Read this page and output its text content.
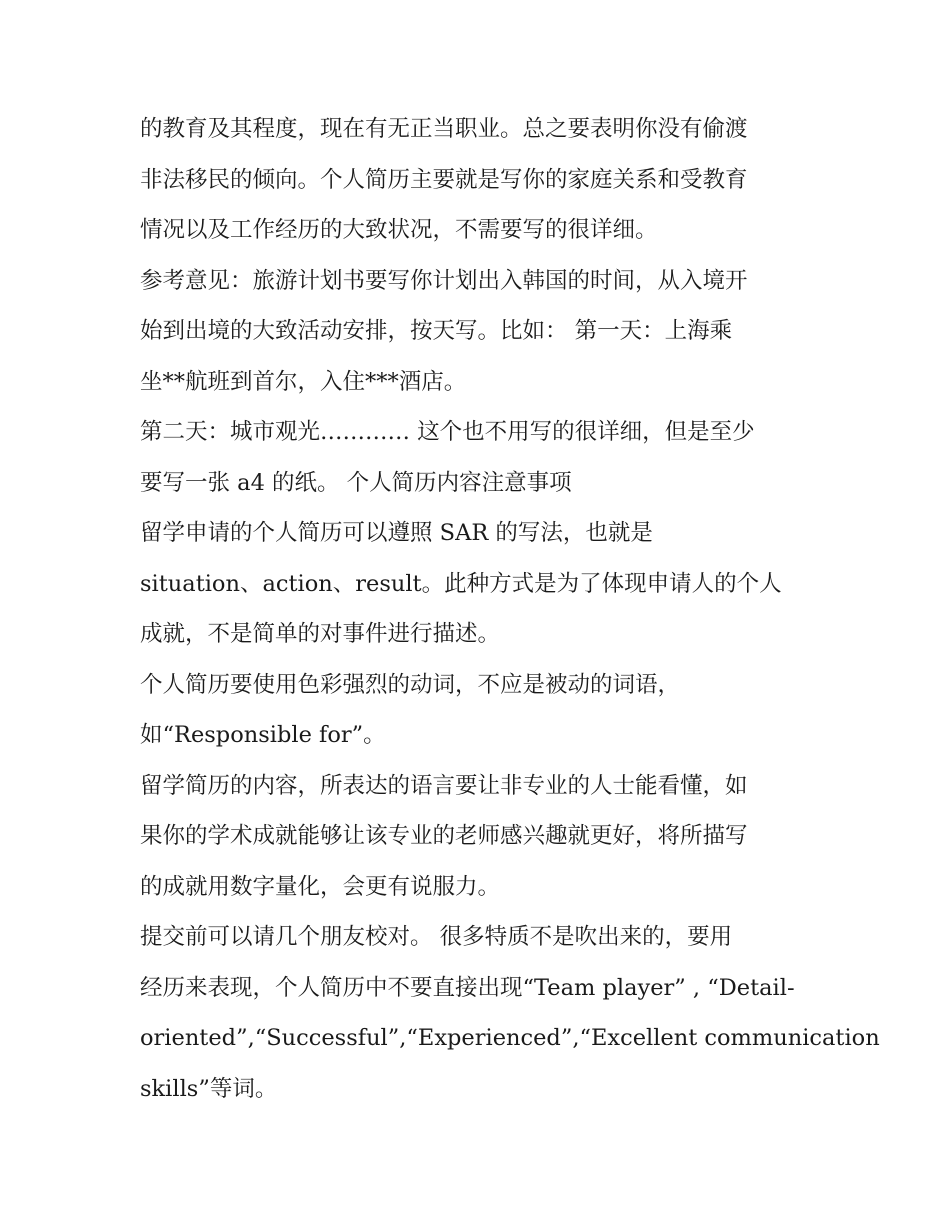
的教育及其程度，现在有无正当职业。总之要表明你没有偷渡
非法移民的倾向。个人简历主要就是写你的家庭关系和受教育
情况以及工作经历的大致状况，不需要写的很详细。
参考意见：旅游计划书要写你计划出入韩国的时间，从入境开
始到出境的大致活动安排，按天写。比如： 第一天：上海乘
坐**航班到首尔，入住***酒店。
第二天：城市观光………… 这个也不用写的很详细，但是至少
要写一张 a4 的纸。 个人简历内容注意事项
留学申请的个人简历可以遵照 SAR 的写法，也就是
situation、action、result。此种方式是为了体现申请人的个人
成就，不是简单的对事件进行描述。
个人简历要使用色彩强烈的动词，不应是被动的词语，
如“Responsible for”。
留学简历的内容，所表达的语言要让非专业的人士能看懂，如
果你的学术成就能够让该专业的老师感兴趣就更好，将所描写
的成就用数字量化，会更有说服力。
提交前可以请几个朋友校对。 很多特质不是吹出来的，要用
经历来表现，个人简历中不要直接出现“Team player” , “Detail-
oriented”,“Successful”,“Experienced”,“Excellent communication
skills”等词。
